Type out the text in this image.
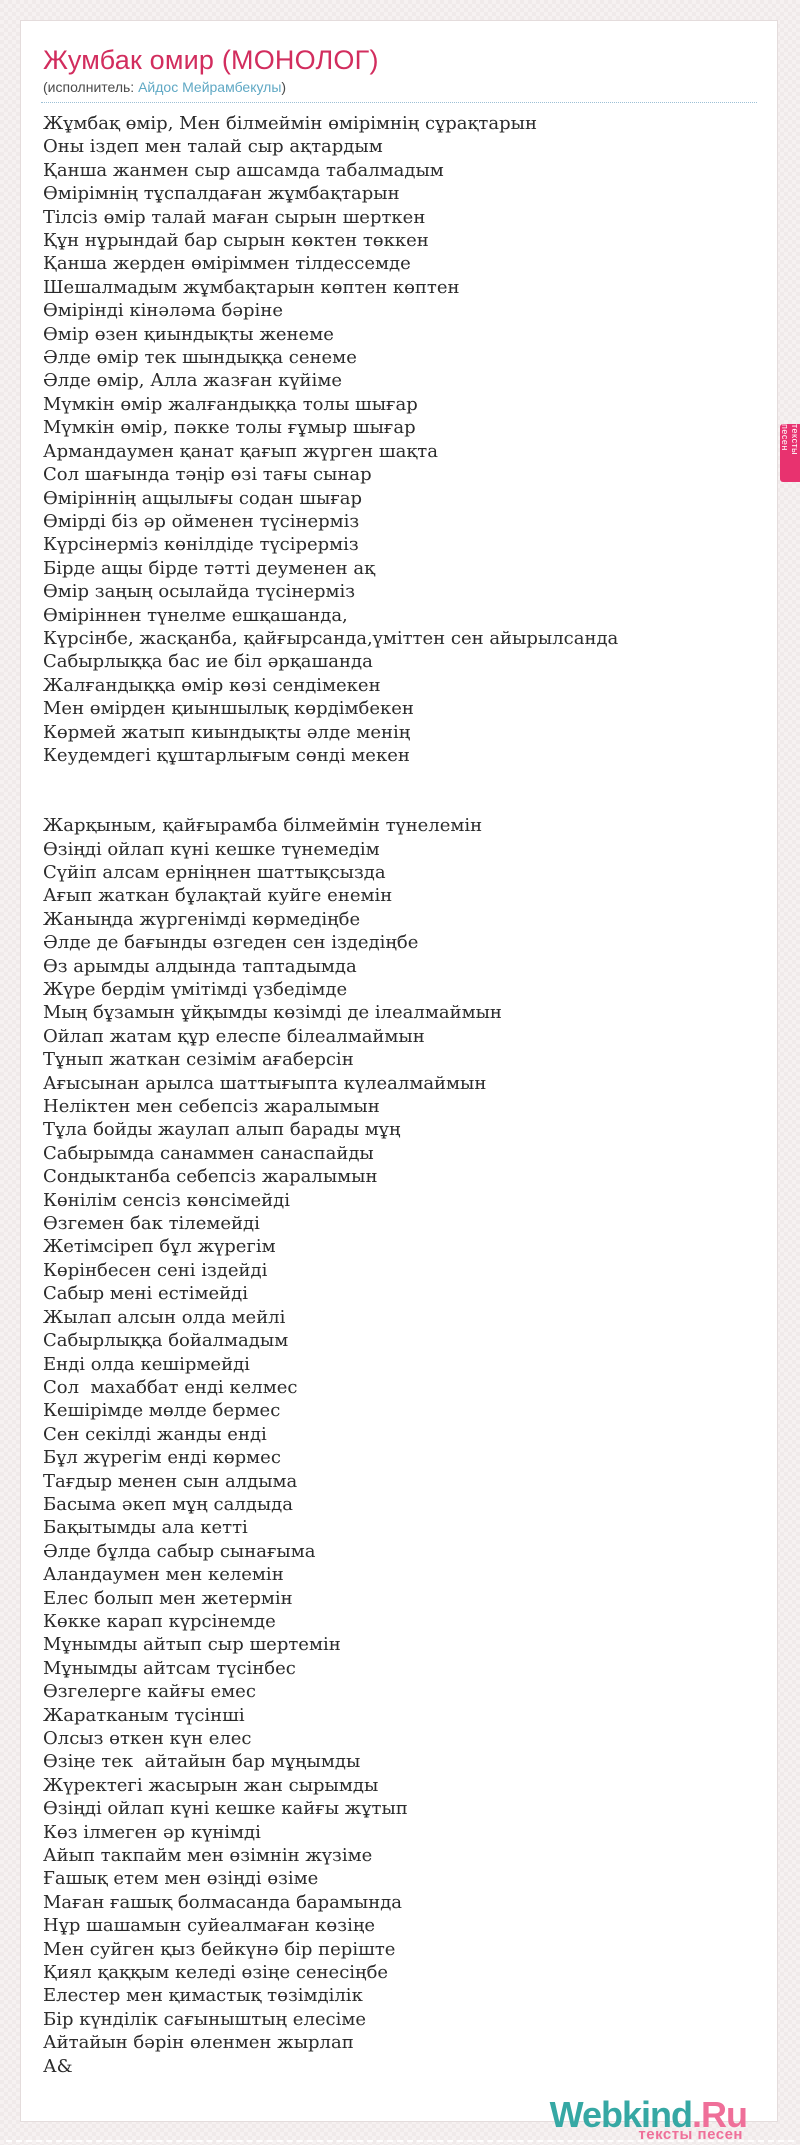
Жумбак омир (МОНОЛОГ)
(исполнитель: Айдос Мейрамбекулы)
Жұмбақ өмір, Мен білмеймін өмірімнің сұрақтарын
Оны іздеп мен талай сыр ақтардым
Қанша жанмен сыр ашсамда табалмадым
Өмірімнің тұспалдаған жұмбақтарын
Тілсіз өмір талай маған сырын шерткен
Құн нұрындай бар сырын көктен төккен
Қанша жерден өміріммен тілдессемде
Шешалмадым жұмбақтарын көптен көптен
Өмірінді кінәләма бәріне
Өмір өзен қиындықты женеме
Әлде өмір тек шындыққа сенеме
Әлде өмір, Алла жазған күйіме
Мүмкін өмір жалғандыққа толы шығар
Мүмкін өмір, пәкке толы ғұмыр шығар
Армандаумен қанат қағып жүрген шақта
Сол шағында тәңір өзі тағы сынар
Өміріннің ащылығы содан шығар
Өмірді біз әр ойменен түсінерміз
Күрсінерміз көнілдіде түсірерміз
Бірде ащы бірде тәтті деуменен ақ
Өмір заңың осылайда түсінерміз
Өміріннен түнелме ешқашанда,
Күрсінбе, жасқанба, қайғырсанда,үміттен сен айырылсанда
Сабырлыққа бас ие біл әрқашанда
Жалғандыққа өмір көзі сендімекен
Мен өмірден қиыншылық көрдімбекен
Көрмей жатып киындықты әлде менің
Кеудемдегі құштарлығым сөнді мекен
Жарқыным, қайғырамба білмеймін түнелемін
Өзіңді ойлап күні кешке түнемедім
Сүйіп алсам ерніңнен шаттықсызда
Ағып жаткан бұлақтай куйге енемін
Жаныңда жүргенімді көрмедіңбе
Әлде де бағынды өзгеден сен іздедіңбе
Өз арымды алдында таптадымда
Жүре бердім үмітімді үзбедімде
Мың бұзамын ұйқымды көзімді де ілеалмаймын
Ойлап жатам құр елеспе білеалмаймын
Тұнып жаткан сезімім ағаберсін
Ағысынан арылса шаттығыпта күлеалмаймын
Неліктен мен себепсіз жаралымын
Тұла бойды жаулап алып барады мұң
Сабырымда санаммен санаспайды
Сондыктанба себепсіз жаралымын
Көнілім сенсіз көнсімейді
Өзгемен бак тілемейді
Жетімсіреп бұл жүрегім
Көрінбесен сені іздейді
Сабыр мені естімейді
Жылап алсын олда мейлі
Сабырлыққа бойалмадым
Енді олда кешірмейді
Сол  махаббат енді келмес
Кешірімде мөлде бермес
Сен секілді жанды енді
Бұл жүрегім енді көрмес
Тағдыр менен сын алдыма
Басыма әкеп мұң салдыда
Бақытымды ала кетті
Әлде бұлда сабыр сынағыма
Аландаумен мен келемін
Елес болып мен жетермін
Көкке карап күрсінемде
Мұнымды айтып сыр шертемін
Мұнымды айтсам түсінбес
Өзгелерге кайғы емес
Жаратканым түсінші
Олсыз өткен күн елес
Өзіңе тек  айтайын бар мұңымды
Жүректегі жасырын жан сырымды
Өзіңді ойлап күні кешке кайғы жұтып
Көз ілмеген әр күнімді
Айып такпайм мен өзімнін жүзіме
Ғашық етем мен өзіңді өзіме
Маған ғашық болмасанда барамында
Нұр шашамын суйеалмаған көзіңе
Мен суйген қыз бейкүнә бір періште
Қиял қаққым келеді өзіңе сенесіңбе
Елестер мен қимастық төзімділік
Бір күнділік сағыныштың елесіме
Айтайын бәрін өленмен жырлап
А&
Webkind.Ru
тексты песен
тексты песен
